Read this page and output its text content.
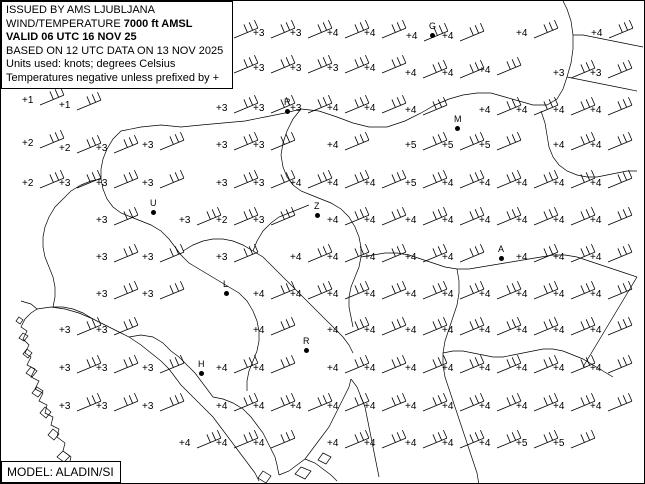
ISSUED BY AMS LJUBLJANA
WIND/TEMPERATURE 7000 ft AMSL
VALID 06 UTC 16 NOV 25
BASED ON 12 UTC DATA ON 13 NOV 2025
Units used: knots; degrees Celsius
Temperatures negative unless prefixed by +
MODEL: ALADIN/SI
+3	+3	+4	+4	+4 +4	+4	+4
+3	+3	+3	+4	+4	+4	+4	+3	+3
+1	+1	+3	+3	+3	+4	+4	+4	+4	+4	+4	+4
+2	+2	+3	+3	+3	+3	+4	+5	+5	+5	+4	+4
+2	+3	+3	+3	+3	+3	+4	+4	+4	+5	+4	+4	+4	+4	+4
+3	+3	+2	+3	+4	+4	+4	+4	+4	+4	+4	+4
+3	+3	+3	+4	+4	+4	+4	+4	+4	+4	+4
+3	+3	+4	+4	+4	+4	+4	+4	+4	+4	+4	+4
+3	+3	+4	+4	+4	+4	+4	+4	+4	+4	+4
+3	+3	+3	+4	+4	+4	+4	+4	+4	+4	+4	+4	+4
+3	+3	+3	+4	+4	+4	+4	+4	+4	+4	+4	+4	+4	+4
+4	+4	+4	+4	+4	+4	+4	+4	+5	+5
G
R
M
U	Z
A
L
R
H
